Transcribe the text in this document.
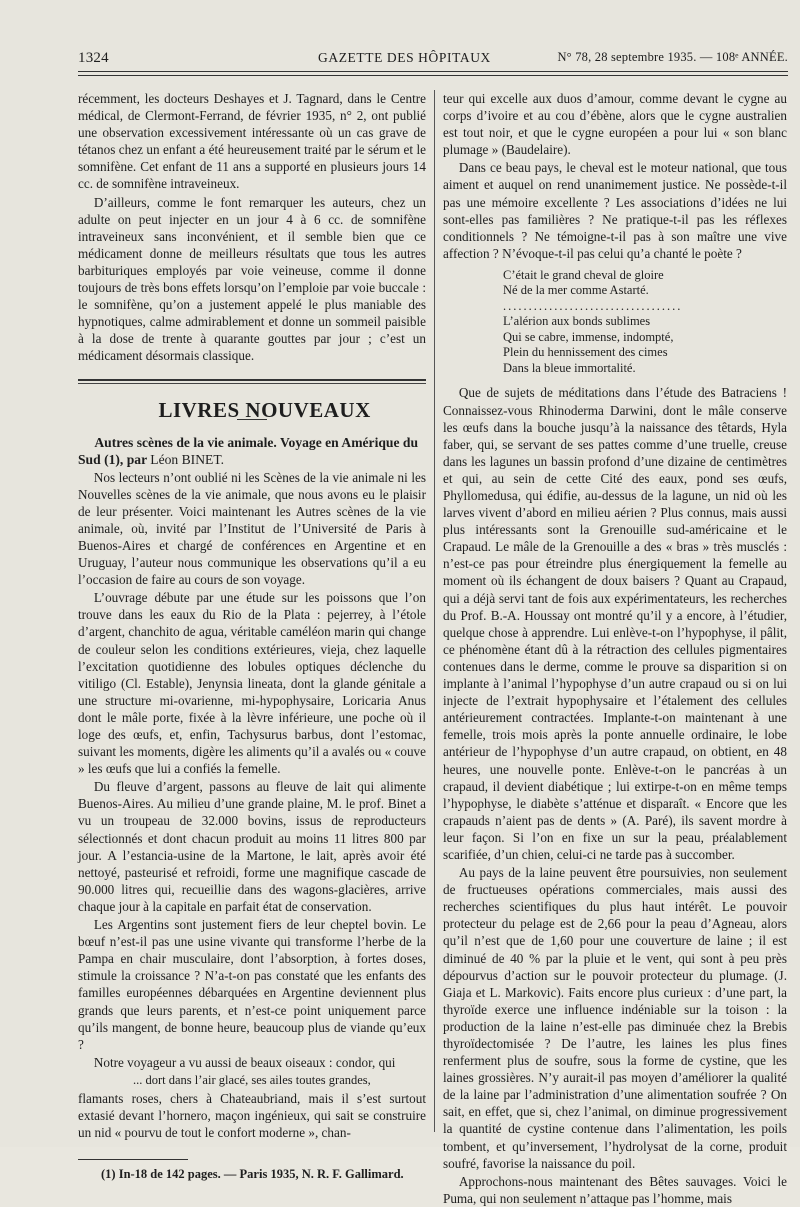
1324	GAZETTE DES HÔPITAUX	N° 78, 28 septembre 1935. — 108ᵉ ANNÉE.

récemment, les docteurs Deshayes et J. Tagnard, dans le Centre médical, de Clermont-Ferrand, de février 1935, n° 2, ont publié une observation excessivement intéressante où un cas grave de tétanos chez un enfant a été heureusement traité par le sérum et le somnifène. Cet enfant de 11 ans a supporté en plusieurs jours 14 cc. de somnifène intraveineux.

D’ailleurs, comme le font remarquer les auteurs, chez un adulte on peut injecter en un jour 4 à 6 cc. de somnifène intraveineux sans inconvénient, et il semble bien que ce médicament donne de meilleurs résultats que tous les autres barbituriques employés par voie veineuse, comme il donne toujours de très bons effets lorsqu’on l’emploie par voie buccale : le somnifène, qu’on a justement appelé le plus maniable des hypnotiques, calme admirablement et donne un sommeil paisible à la dose de trente à quarante gouttes par jour ; c’est un médicament désormais classique.

LIVRES NOUVEAUX

Autres scènes de la vie animale. Voyage en Amérique du Sud (1), par Léon BINET.

Nos lecteurs n’ont oublié ni les Scènes de la vie animale ni les Nouvelles scènes de la vie animale, que nous avons eu le plaisir de leur présenter. Voici maintenant les Autres scènes de la vie animale, où, invité par l’Institut de l’Université de Paris à Buenos-Aires et chargé de conférences en Argentine et en Uruguay, l’auteur nous communique les observations qu’il a eu l’occasion de faire au cours de son voyage.

L’ouvrage débute par une étude sur les poissons que l’on trouve dans les eaux du Rio de la Plata : pejerrey, à l’étole d’argent, chanchito de agua, véritable caméléon marin qui change de couleur selon les conditions extérieures, vieja, chez laquelle l’excitation quotidienne des lobules optiques déclenche du vitiligo (Cl. Estable), Jenynsia lineata, dont la glande génitale a une structure mi-ovarienne, mi-hypophysaire, Loricaria Anus dont le mâle porte, fixée à la lèvre inférieure, une poche où il loge des œufs, et, enfin, Tachysurus barbus, dont l’estomac, suivant les moments, digère les aliments qu’il a avalés ou « couve » les œufs que lui a confiés la femelle.

Du fleuve d’argent, passons au fleuve de lait qui alimente Buenos-Aires. Au milieu d’une grande plaine, M. le prof. Binet a vu un troupeau de 32.000 bovins, issus de reproducteurs sélectionnés et dont chacun produit au moins 11 litres 800 par jour. A l’estancia-usine de la Martone, le lait, après avoir été nettoyé, pasteurisé et refroidi, forme une magnifique cascade de 90.000 litres qui, recueillie dans des wagons-glacières, arrive chaque jour à la capitale en parfait état de conservation.

Les Argentins sont justement fiers de leur cheptel bovin. Le bœuf n’est-il pas une usine vivante qui transforme l’herbe de la Pampa en chair musculaire, dont l’absorption, à fortes doses, stimule la croissance ? N’a-t-on pas constaté que les enfants des familles européennes débarquées en Argentine deviennent plus grands que leurs parents, et n’est-ce point uniquement parce qu’ils mangent, de bonne heure, beaucoup plus de viande qu’eux ?

Notre voyageur a vu aussi de beaux oiseaux : condor, qui

... dort dans l’air glacé, ses ailes toutes grandes,

flamants roses, chers à Chateaubriand, mais il s’est surtout extasié devant l’hornero, maçon ingénieux, qui sait se construire un nid « pourvu de tout le confort moderne », chan-

(1) In-18 de 142 pages. — Paris 1935, N. R. F. Gallimard.

teur qui excelle aux duos d’amour, comme devant le cygne au corps d’ivoire et au cou d’ébène, alors que le cygne australien est tout noir, et que le cygne européen a pour lui « son blanc plumage » (Baudelaire).

Dans ce beau pays, le cheval est le moteur national, que tous aiment et auquel on rend unanimement justice. Ne possède-t-il pas une mémoire excellente ? Les associations d’idées ne lui sont-elles pas familières ? Ne pratique-t-il pas les réflexes conditionnels ? Ne témoigne-t-il pas à son maître une vive affection ? N’évoque-t-il pas celui qu’a chanté le poète ?

C’était le grand cheval de gloire
Né de la mer comme Astarté.
...................................
L’alérion aux bonds sublimes
Qui se cabre, immense, indompté,
Plein du hennissement des cimes
Dans la bleue immortalité.

Que de sujets de méditations dans l’étude des Batraciens ! Connaissez-vous Rhinoderma Darwini, dont le mâle conserve les œufs dans la bouche jusqu’à la naissance des têtards, Hyla faber, qui, se servant de ses pattes comme d’une truelle, creuse dans les lagunes un bassin profond d’une dizaine de centimètres et qui, au sein de cette Cité des eaux, pond ses œufs, Phyllomedusa, qui édifie, au-dessus de la lagune, un nid où les larves vivent d’abord en milieu aérien ? Plus connus, mais aussi plus intéressants sont la Grenouille sud-américaine et le Crapaud. Le mâle de la Grenouille a des « bras » très musclés : n’est-ce pas pour étreindre plus énergiquement la femelle au moment où ils échangent de doux baisers ? Quant au Crapaud, qui a déjà servi tant de fois aux expérimentateurs, les recherches du Prof. B.-A. Houssay ont montré qu’il y a encore, à l’étudier, quelque chose à apprendre. Lui enlève-t-on l’hypophyse, il pâlit, ce phénomène étant dû à la rétraction des cellules pigmentaires contenues dans le derme, comme le prouve sa disparition si on implante à l’animal l’hypophyse d’un autre crapaud ou si on lui injecte de l’extrait hypophysaire et l’étalement des cellules antérieurement contractées. Implante-t-on maintenant à une femelle, trois mois après la ponte annuelle ordinaire, le lobe antérieur de l’hypophyse d’un autre crapaud, on obtient, en 48 heures, une nouvelle ponte. Enlève-t-on le pancréas à un crapaud, il devient diabétique ; lui extirpe-t-on en même temps l’hypophyse, le diabète s’atténue et disparaît. « Encore que les crapauds n’aient pas de dents » (A. Paré), ils savent mordre à leur façon. Si l’on en fixe un sur la peau, préalablement scarifiée, d’un chien, celui-ci ne tarde pas à succomber.

Au pays de la laine peuvent être poursuivies, non seulement de fructueuses opérations commerciales, mais aussi des recherches scientifiques du plus haut intérêt. Le pouvoir protecteur du pelage est de 2,66 pour la peau d’Agneau, alors qu’il n’est que de 1,60 pour une couverture de laine ; il est diminué de 40 % par la pluie et le vent, qui sont à peu près dépourvus d’action sur le pouvoir protecteur du plumage. (J. Giaja et L. Markovic). Faits encore plus curieux : d’une part, la thyroïde exerce une influence indéniable sur la toison : la production de la laine n’est-elle pas diminuée chez la Brebis thyroïdectomisée ? De l’autre, les laines les plus fines renferment plus de soufre, sous la forme de cystine, que les laines grossières. N’y aurait-il pas moyen d’améliorer la qualité de la laine par l’administration d’une alimentation soufrée ? On sait, en effet, que si, chez l’animal, on diminue progressivement la quantité de cystine contenue dans l’alimentation, les poils tombent, et qu’inversement, l’hydrolysat de la corne, produit soufré, favorise la naissance du poil.

Approchons-nous maintenant des Bêtes sauvages. Voici le Puma, qui non seulement n’attaque pas l’homme, mais
